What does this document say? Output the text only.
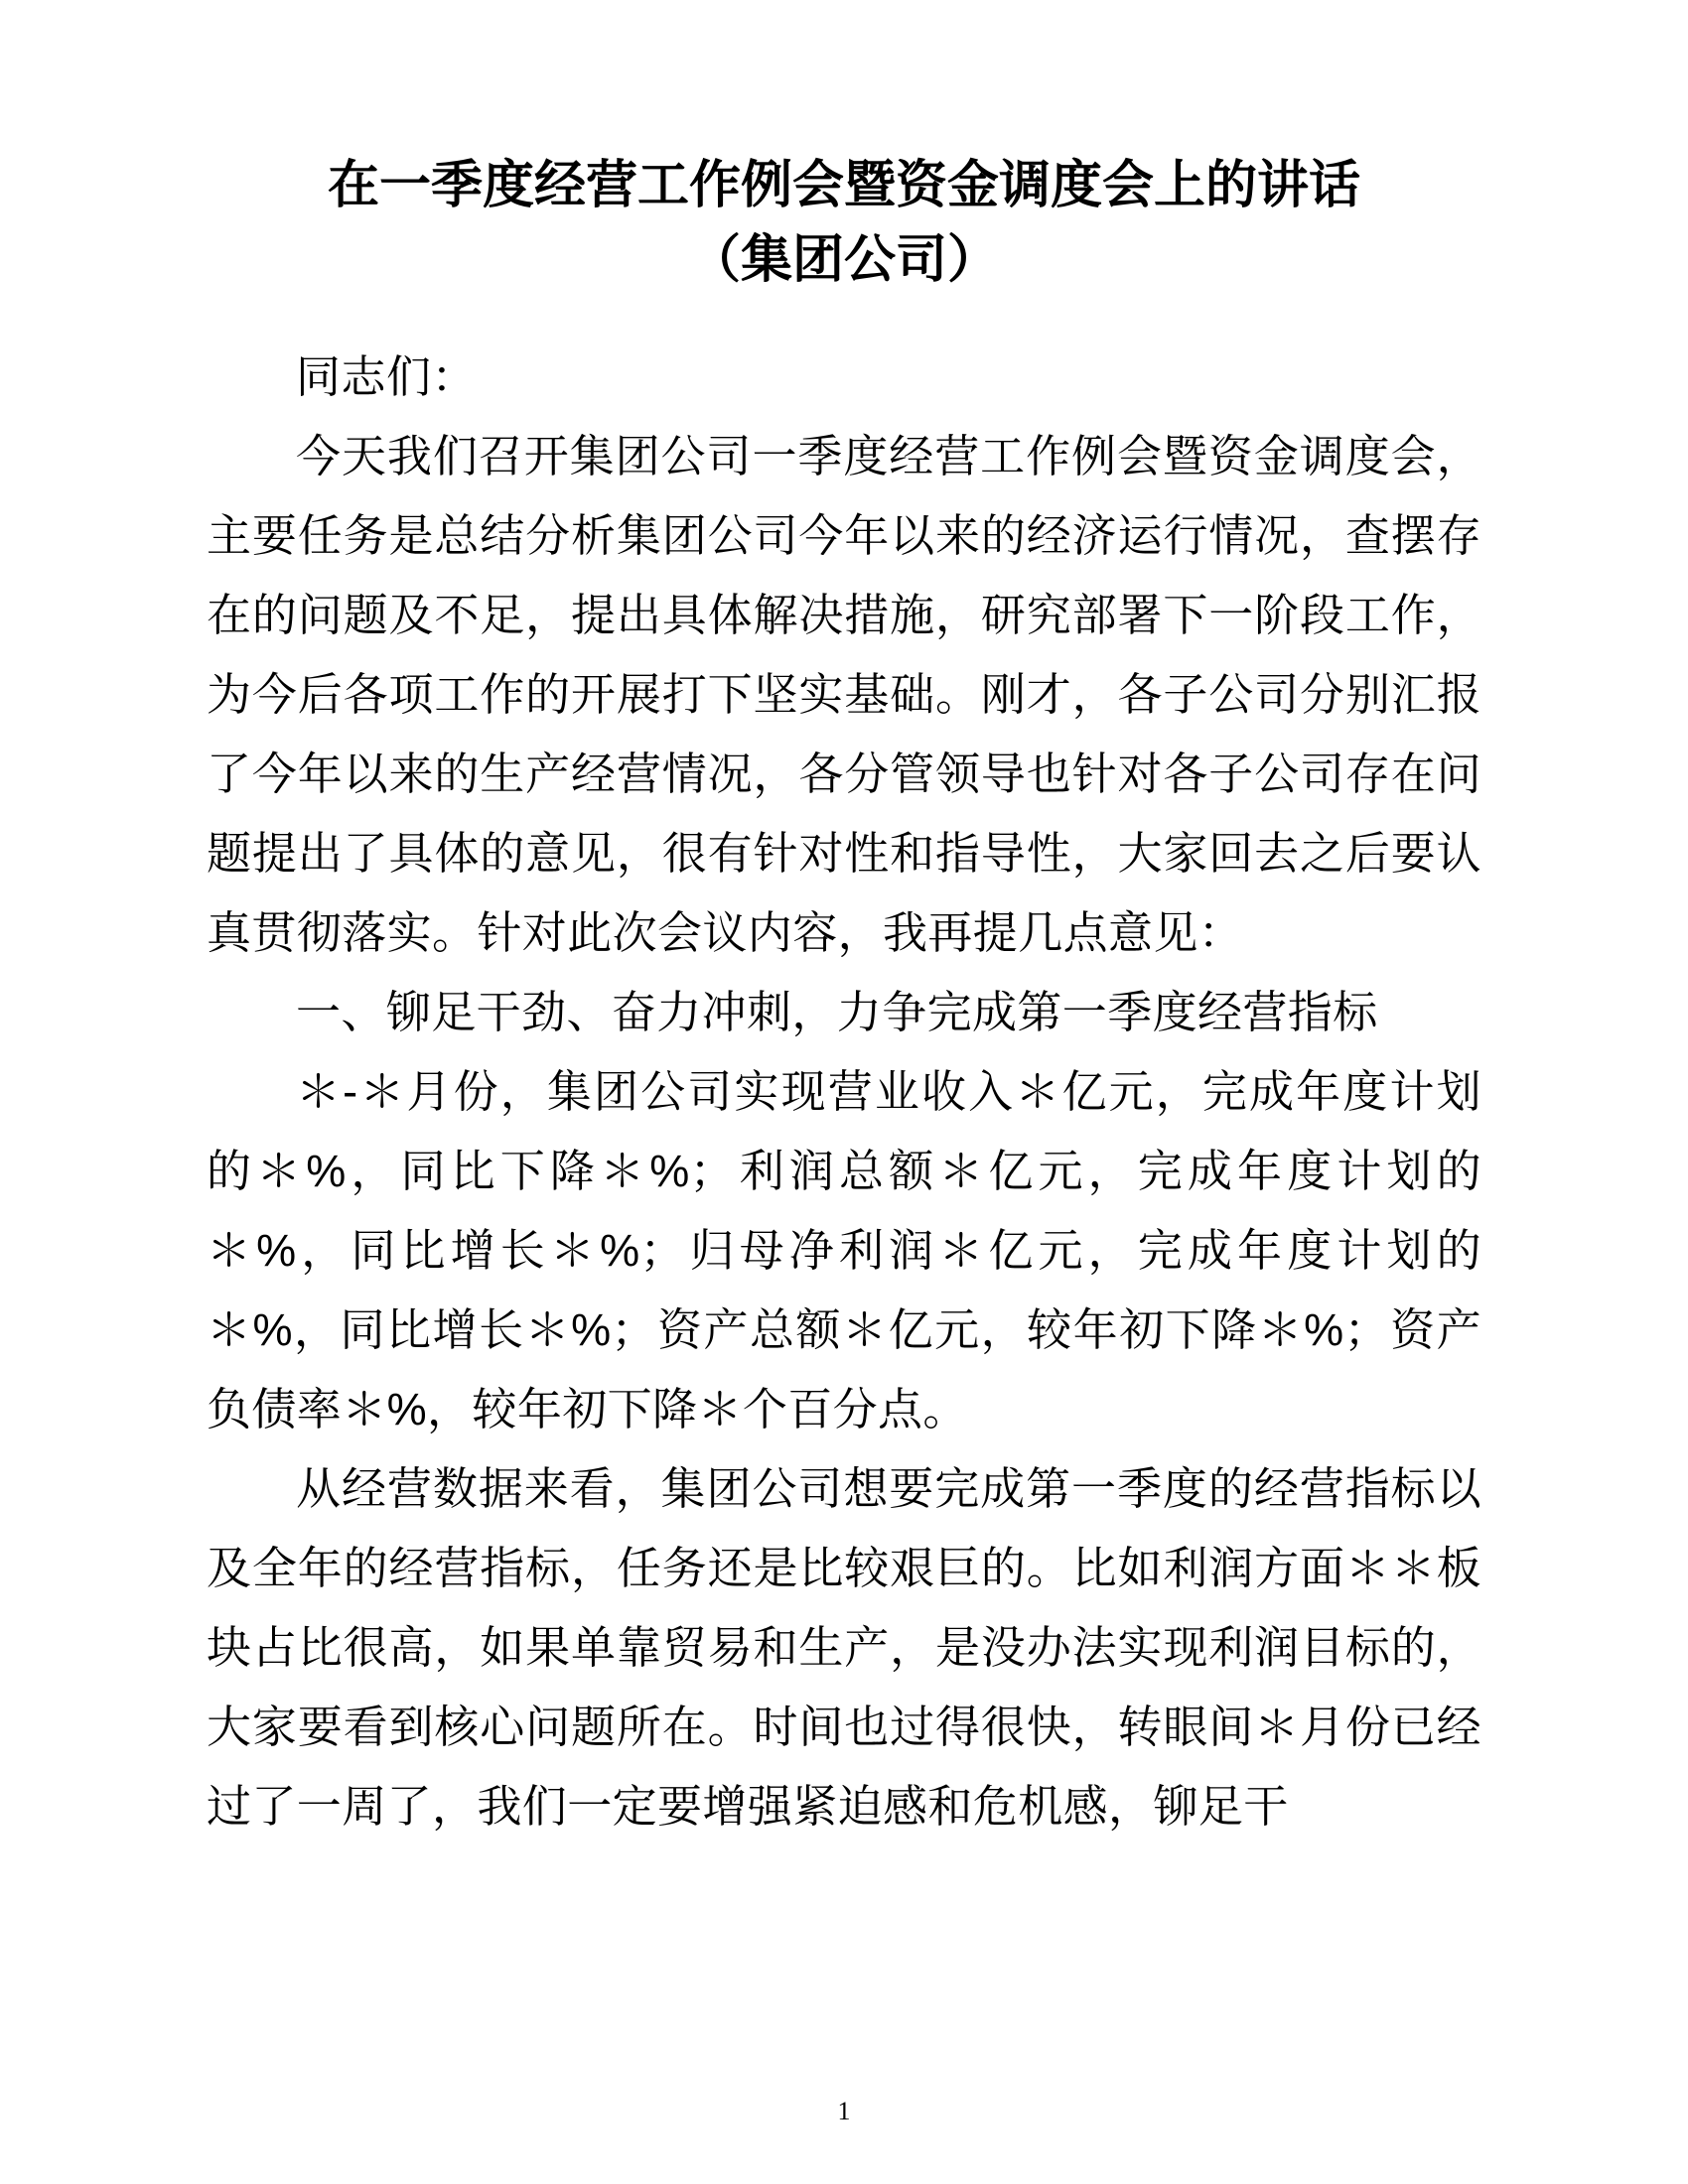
在一季度经营工作例会暨资金调度会上的讲话
（集团公司）

同志们：

今天我们召开集团公司一季度经营工作例会暨资金调度会，主要任务是总结分析集团公司今年以来的经济运行情况，查摆存在的问题及不足，提出具体解决措施，研究部署下一阶段工作，为今后各项工作的开展打下坚实基础。刚才，各子公司分别汇报了今年以来的生产经营情况，各分管领导也针对各子公司存在问题提出了具体的意见，很有针对性和指导性，大家回去之后要认真贯彻落实。针对此次会议内容，我再提几点意见：

一、铆足干劲、奋力冲刺，力争完成第一季度经营指标

＊-＊月份，集团公司实现营业收入＊亿元，完成年度计划的＊%，同比下降＊%；利润总额＊亿元，完成年度计划的＊%，同比增长＊%；归母净利润＊亿元，完成年度计划的＊%，同比增长＊%；资产总额＊亿元，较年初下降＊%；资产负债率＊%，较年初下降＊个百分点。

从经营数据来看，集团公司想要完成第一季度的经营指标以及全年的经营指标，任务还是比较艰巨的。比如利润方面＊＊板块占比很高，如果单靠贸易和生产，是没办法实现利润目标的，大家要看到核心问题所在。时间也过得很快，转眼间＊月份已经过了一周了，我们一定要增强紧迫感和危机感，铆足干

1
